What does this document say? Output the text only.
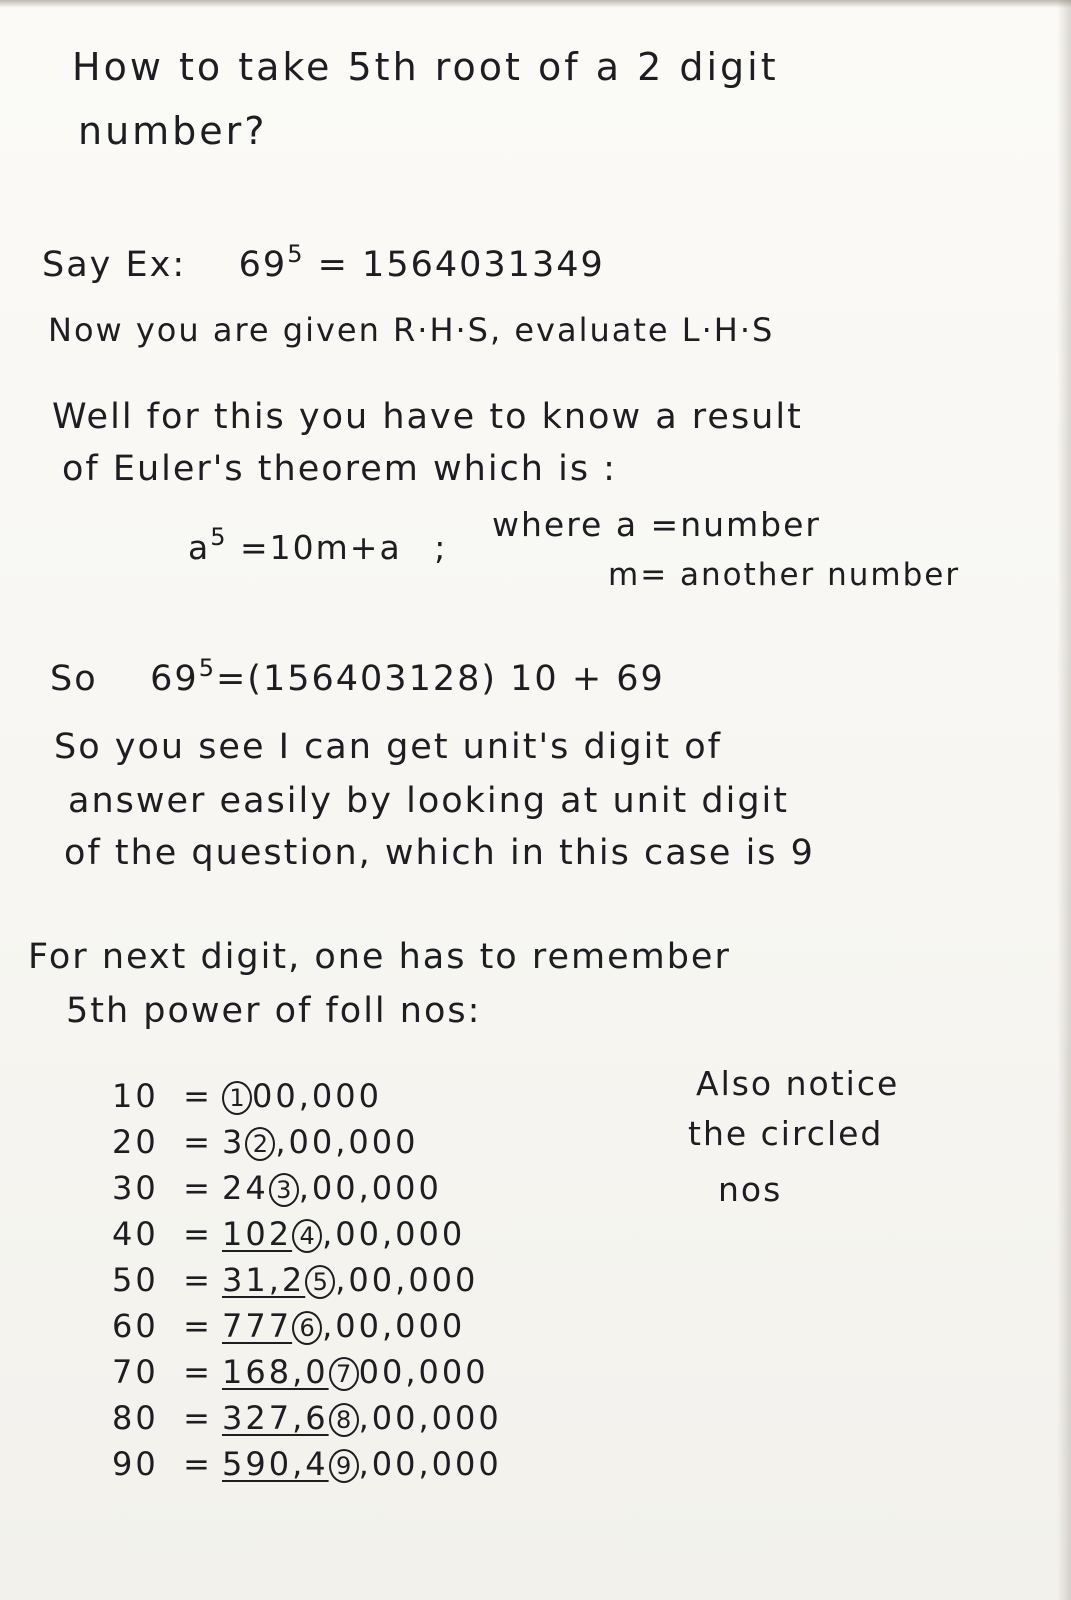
How to take 5th root of a 2 digit
number?
Say Ex: $69^5 = 1564031349$
Now you are given R·H·S, evaluate L·H·S
Well for this you have to know a result
of Euler's theorem which is :
$a^5 =10m+a$ ;
where a =number
m= another number
So $69^5=(156403128) 10 + 69$
So you see I can get unit's digit of
answer easily by looking at unit digit
of the question, which in this case is 9
For next digit, one has to remember
5th power of foll nos:
10 = 1 00,000
20 = 3 2 ,00,000
30 = 24 3 ,00,000
40 = 102 4 ,00,000
50 = 31,2 5 ,00,000
60 = 777 6 ,00,000
70 = 168,0 7 00,000
80 = 327,6 8 ,00,000
90 = 590,4 9 ,00,000
Also notice
the circled
nos
